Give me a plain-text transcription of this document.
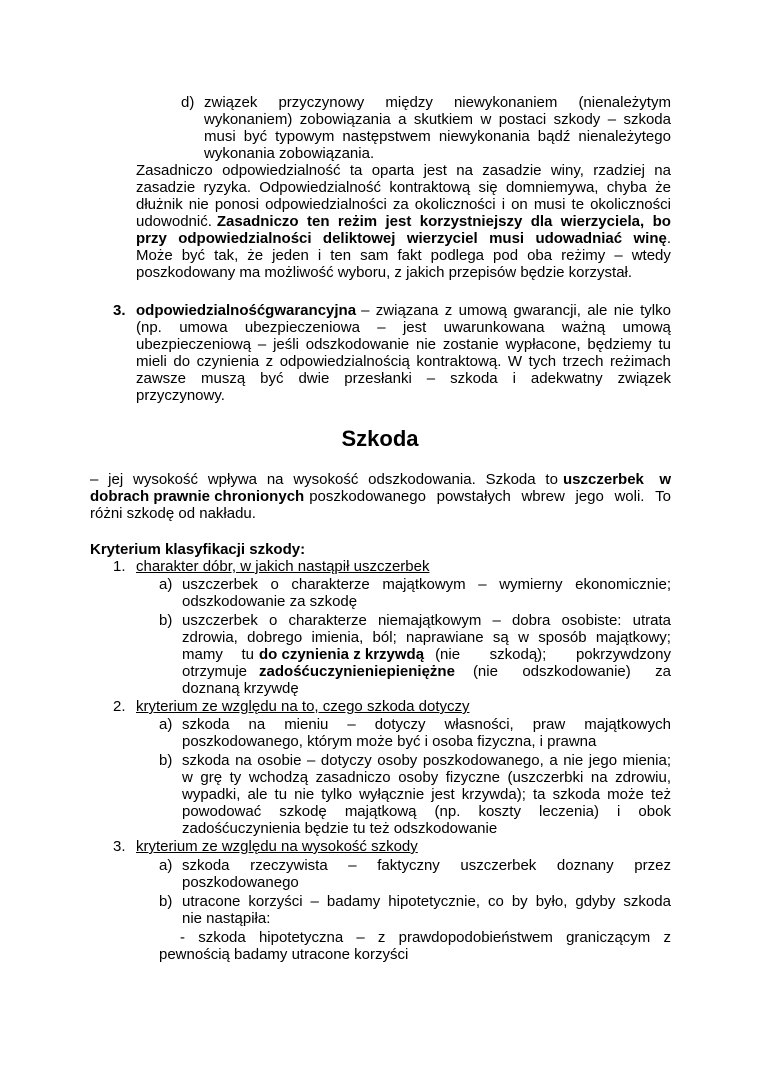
d) związek przyczynowy między niewykonaniem (nienależytym
wykonaniem) zobowiązania a skutkiem w postaci szkody – szkoda
musi być typowym następstwem niewykonania bądź nienależytego
wykonania zobowiązania.
Zasadniczo odpowiedzialność ta oparta jest na zasadzie winy, rzadziej na
zasadzie ryzyka. Odpowiedzialność kontraktową się domniemywa, chyba że
dłużnik nie ponosi odpowiedzialności za okoliczności i on musi te okoliczności
udowodnić. Zasadniczo ten reżim jest korzystniejszy dla wierzyciela, bo
przy odpowiedzialności deliktowej wierzyciel musi udowadniać winę .
Może być tak, że jeden i ten sam fakt podlega pod oba reżimy – wtedy
poszkodowany ma możliwość wyboru, z jakich przepisów będzie korzystał.
3. odpowiedzialnośćgwarancyjna – związana z umową gwarancji, ale nie tylko
(np. umowa ubezpieczeniowa – jest uwarunkowana ważną umową
ubezpieczeniową – jeśli odszkodowanie nie zostanie wypłacone, będziemy tu
mieli do czynienia z odpowiedzialnością kontraktową. W tych trzech reżimach
zawsze muszą być dwie przesłanki – szkoda i adekwatny związek
przyczynowy.
Szkoda
– jej wysokość wpływa na wysokość odszkodowania. Szkoda to uszczerbek w
dobrach prawnie chronionych poszkodowanego powstałych wbrew jego woli. To
różni szkodę od nakładu.
Kryterium klasyfikacji szkody:
1. charakter dóbr, w jakich nastąpił uszczerbek
a) uszczerbek o charakterze majątkowym – wymierny ekonomicznie;
odszkodowanie za szkodę
b) uszczerbek o charakterze niemajątkowym – dobra osobiste: utrata
zdrowia, dobrego imienia, ból; naprawiane są w sposób majątkowy;
mamy tu do czynienia z krzywdą (nie szkodą); pokrzywdzony
otrzymuje zadośćuczynieniepieniężne (nie odszkodowanie) za
doznaną krzywdę
2. kryterium ze względu na to, czego szkoda dotyczy
a) szkoda na mieniu – dotyczy własności, praw majątkowych
poszkodowanego, którym może być i osoba fizyczna, i prawna
b) szkoda na osobie – dotyczy osoby poszkodowanego, a nie jego mienia;
w grę ty wchodzą zasadniczo osoby fizyczne (uszczerbki na zdrowiu,
wypadki, ale tu nie tylko wyłącznie jest krzywda); ta szkoda może też
powodować szkodę majątkową (np. koszty leczenia) i obok
zadośćuczynienia będzie tu też odszkodowanie
3. kryterium ze względu na wysokość szkody
a) szkoda rzeczywista – faktyczny uszczerbek doznany przez
poszkodowanego
b) utracone korzyści – badamy hipotetycznie, co by było, gdyby szkoda
nie nastąpiła:
- szkoda hipotetyczna – z prawdopodobieństwem graniczącym z
pewnością badamy utracone korzyści
